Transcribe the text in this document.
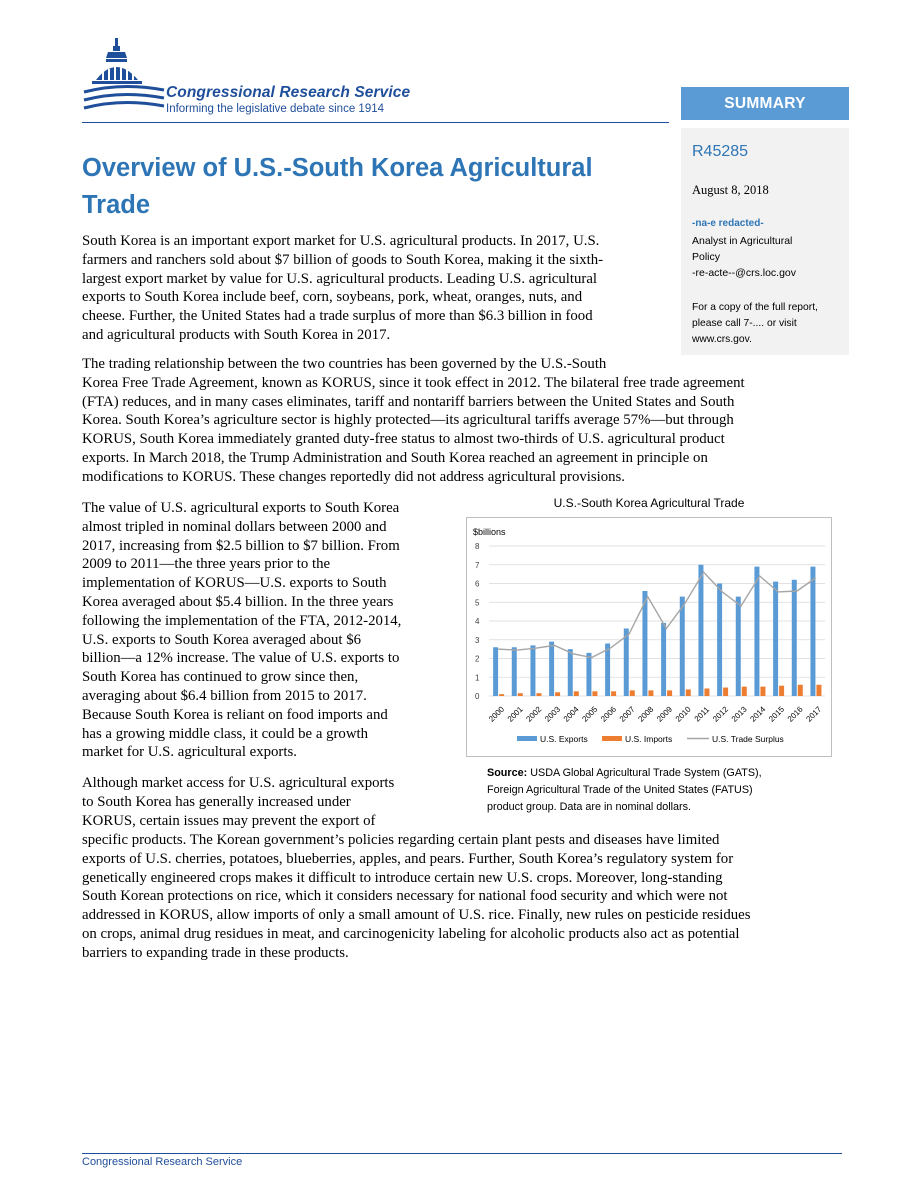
Congressional Research Service
Informing the legislative debate since 1914	SUMMARY
R45285
August 8, 2018
-na-e redacted-
Analyst in Agricultural
Policy
-re-acte--@crs.loc.gov
For a copy of the full report,
please call 7-.... or visit
www.crs.gov.
Overview of U.S.-South Korea Agricultural Trade
South Korea is an important export market for U.S. agricultural products. In 2017, U.S.
farmers and ranchers sold about $7 billion of goods to South Korea, making it the sixth-
largest export market by value for U.S. agricultural products. Leading U.S. agricultural
exports to South Korea include beef, corn, soybeans, pork, wheat, oranges, nuts, and
cheese. Further, the United States had a trade surplus of more than $6.3 billion in food
and agricultural products with South Korea in 2017.
The trading relationship between the two countries has been governed by the U.S.-South
Korea Free Trade Agreement, known as KORUS, since it took effect in 2012. The bilateral free trade agreement
(FTA) reduces, and in many cases eliminates, tariff and nontariff barriers between the United States and South
Korea. South Korea’s agriculture sector is highly protected—its agricultural tariffs average 57%—but through
KORUS, South Korea immediately granted duty-free status to almost two-thirds of U.S. agricultural product
exports. In March 2018, the Trump Administration and South Korea reached an agreement in principle on
modifications to KORUS. These changes reportedly did not address agricultural provisions.
The value of U.S. agricultural exports to South Korea
almost tripled in nominal dollars between 2000 and
2017, increasing from $2.5 billion to $7 billion. From
2009 to 2011—the three years prior to the
implementation of KORUS—U.S. exports to South
Korea averaged about $5.4 billion. In the three years
following the implementation of the FTA, 2012-2014,
U.S. exports to South Korea averaged about $6
billion—a 12% increase. The value of U.S. exports to
South Korea has continued to grow since then,
averaging about $6.4 billion from 2015 to 2017.
Because South Korea is reliant on food imports and
has a growing middle class, it could be a growth
market for U.S. agricultural exports.
Although market access for U.S. agricultural exports
to South Korea has generally increased under
KORUS, certain issues may prevent the export of
specific products. The Korean government’s policies regarding certain plant pests and diseases have limited
exports of U.S. cherries, potatoes, blueberries, apples, and pears. Further, South Korea’s regulatory system for
genetically engineered crops makes it difficult to introduce certain new U.S. crops. Moreover, long-standing
South Korean protections on rice, which it considers necessary for national food security and which were not
addressed in KORUS, allow imports of only a small amount of U.S. rice. Finally, new rules on pesticide residues
on crops, animal drug residues in meat, and carcinogenicity labeling for alcoholic products also act as potential
barriers to expanding trade in these products.
U.S.-South Korea Agricultural Trade
$billions
0
1
2
3
4
5
6
7
8
2000 2001 2002 2003 2004 2005 2006 2007 2008 2009 2010 2011 2012 2013 2014 2015 2016 2017
U.S. Exports	U.S. Imports	U.S. Trade Surplus
Source: USDA Global Agricultural Trade System (GATS),
Foreign Agricultural Trade of the United States (FATUS)
product group. Data are in nominal dollars.
Congressional Research Service
